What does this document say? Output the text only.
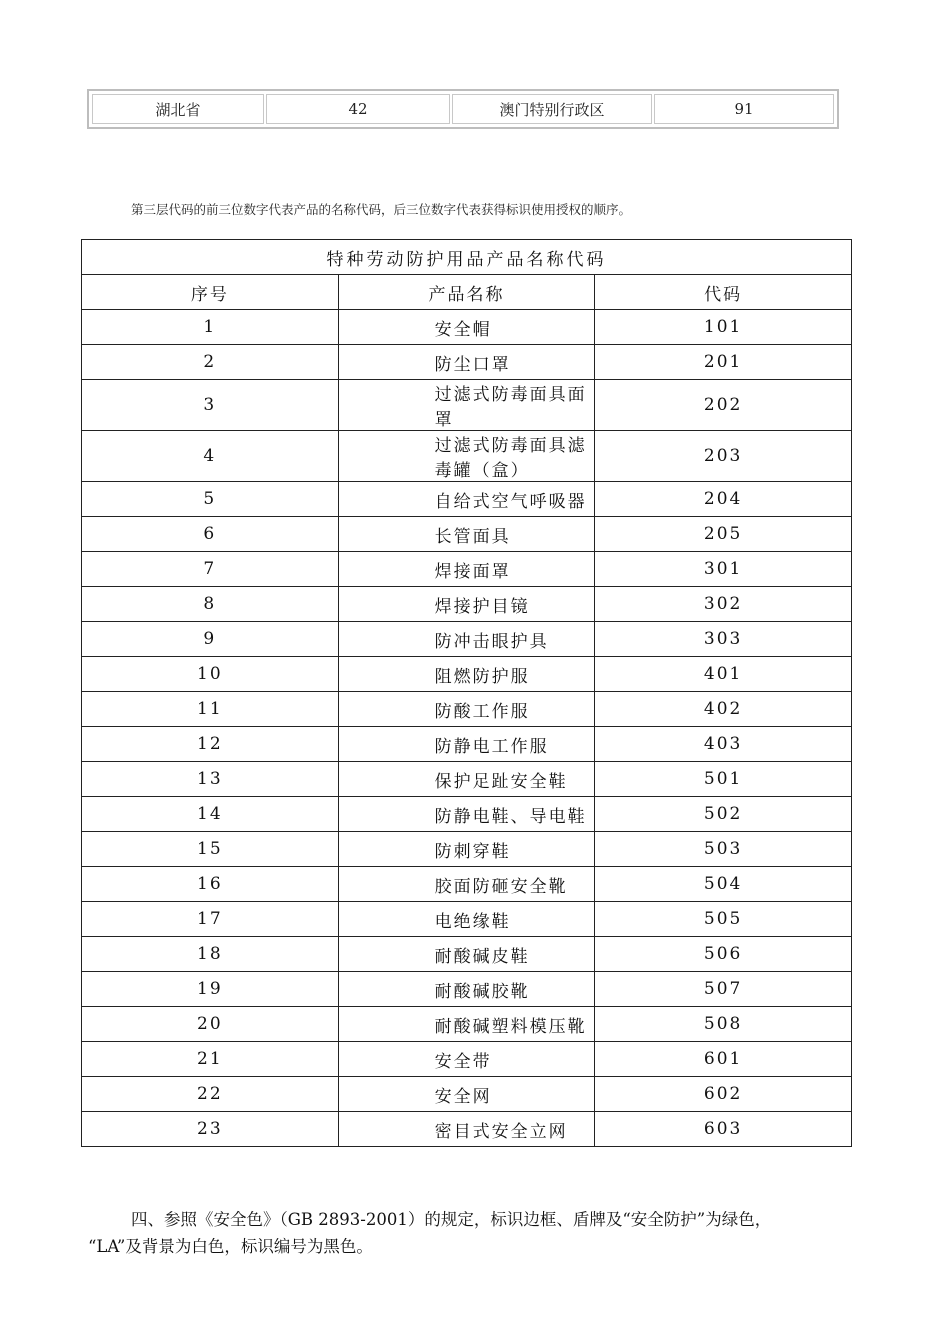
湖北省	42	澳门特别行政区	91
第三层代码的前三位数字代表产品的名称代码，后三位数字代表获得标识使用授权的顺序。
特种劳动防护用品产品名称代码		
序号	产品名称	代码
1	安全帽	101
2	防尘口罩	201
3	过滤式防毒面具面罩	202
4	过滤式防毒面具滤毒罐（盒）	203
5	自给式空气呼吸器	204
6	长管面具	205
7	焊接面罩	301
8	焊接护目镜	302
9	防冲击眼护具	303
10	阻燃防护服	401
11	防酸工作服	402
12	防静电工作服	403
13	保护足趾安全鞋	501
14	防静电鞋、导电鞋	502
15	防刺穿鞋	503
16	胶面防砸安全靴	504
17	电绝缘鞋	505
18	耐酸碱皮鞋	506
19	耐酸碱胶靴	507
20	耐酸碱塑料模压靴	508
21	安全带	601
22	安全网	602
23	密目式安全立网	603

四、参照《安全色》（GB 2893-2001）的规定，标识边框、盾牌及“安全防护”为绿色，

“LA”及背景为白色，标识编号为黑色。
